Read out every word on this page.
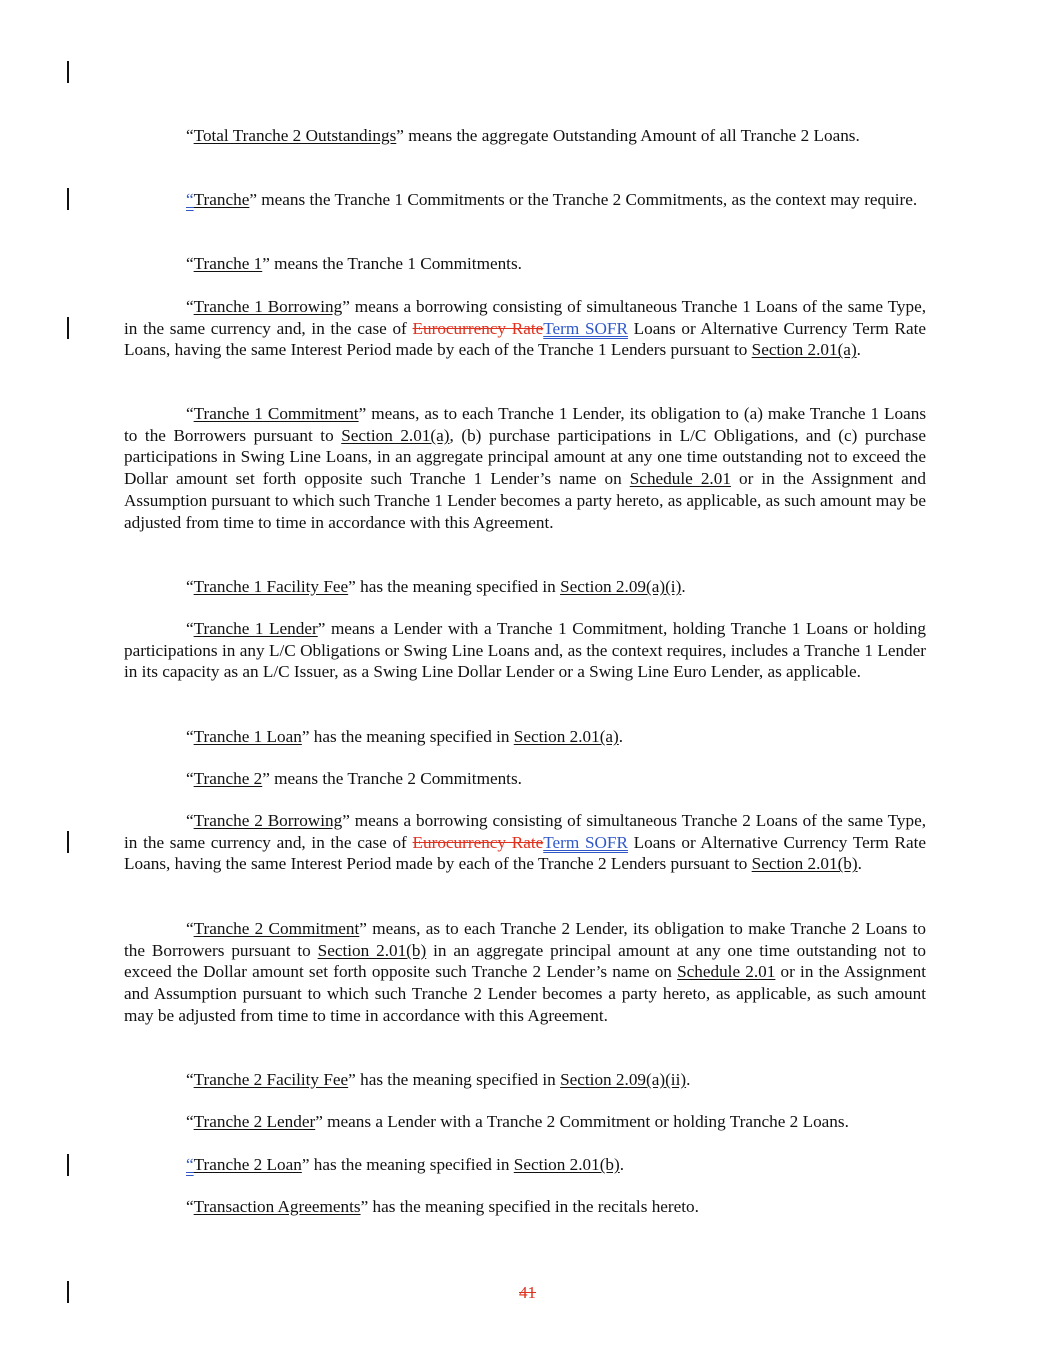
“Total Tranche 2 Outstandings” means the aggregate Outstanding Amount of all Tranche 2 Loans.

“Tranche” means the Tranche 1 Commitments or the Tranche 2 Commitments, as the context may require.

“Tranche 1” means the Tranche 1 Commitments.

“Tranche 1 Borrowing” means a borrowing consisting of simultaneous Tranche 1 Loans of the same Type, in the same currency and, in the case of Eurocurrency RateTerm SOFR Loans or Alternative Currency Term Rate Loans, having the same Interest Period made by each of the Tranche 1 Lenders pursuant to Section 2.01(a).

“Tranche 1 Commitment” means, as to each Tranche 1 Lender, its obligation to (a) make Tranche 1 Loans to the Borrowers pursuant to Section 2.01(a), (b) purchase participations in L/C Obligations, and (c) purchase participations in Swing Line Loans, in an aggregate principal amount at any one time outstanding not to exceed the Dollar amount set forth opposite such Tranche 1 Lender’s name on Schedule 2.01 or in the Assignment and Assumption pursuant to which such Tranche 1 Lender becomes a party hereto, as applicable, as such amount may be adjusted from time to time in accordance with this Agreement.

“Tranche 1 Facility Fee” has the meaning specified in Section 2.09(a)(i).

“Tranche 1 Lender” means a Lender with a Tranche 1 Commitment, holding Tranche 1 Loans or holding participations in any L/C Obligations or Swing Line Loans and, as the context requires, includes a Tranche 1 Lender in its capacity as an L/C Issuer, as a Swing Line Dollar Lender or a Swing Line Euro Lender, as applicable.

“Tranche 1 Loan” has the meaning specified in Section 2.01(a).

“Tranche 2” means the Tranche 2 Commitments.

“Tranche 2 Borrowing” means a borrowing consisting of simultaneous Tranche 2 Loans of the same Type, in the same currency and, in the case of Eurocurrency RateTerm SOFR Loans or Alternative Currency Term Rate Loans, having the same Interest Period made by each of the Tranche 2 Lenders pursuant to Section 2.01(b).

“Tranche 2 Commitment” means, as to each Tranche 2 Lender, its obligation to make Tranche 2 Loans to the Borrowers pursuant to Section 2.01(b) in an aggregate principal amount at any one time outstanding not to exceed the Dollar amount set forth opposite such Tranche 2 Lender’s name on Schedule 2.01 or in the Assignment and Assumption pursuant to which such Tranche 2 Lender becomes a party hereto, as applicable, as such amount may be adjusted from time to time in accordance with this Agreement.

“Tranche 2 Facility Fee” has the meaning specified in Section 2.09(a)(ii).

“Tranche 2 Lender” means a Lender with a Tranche 2 Commitment or holding Tranche 2 Loans.

“Tranche 2 Loan” has the meaning specified in Section 2.01(b).

“Transaction Agreements” has the meaning specified in the recitals hereto.

41
